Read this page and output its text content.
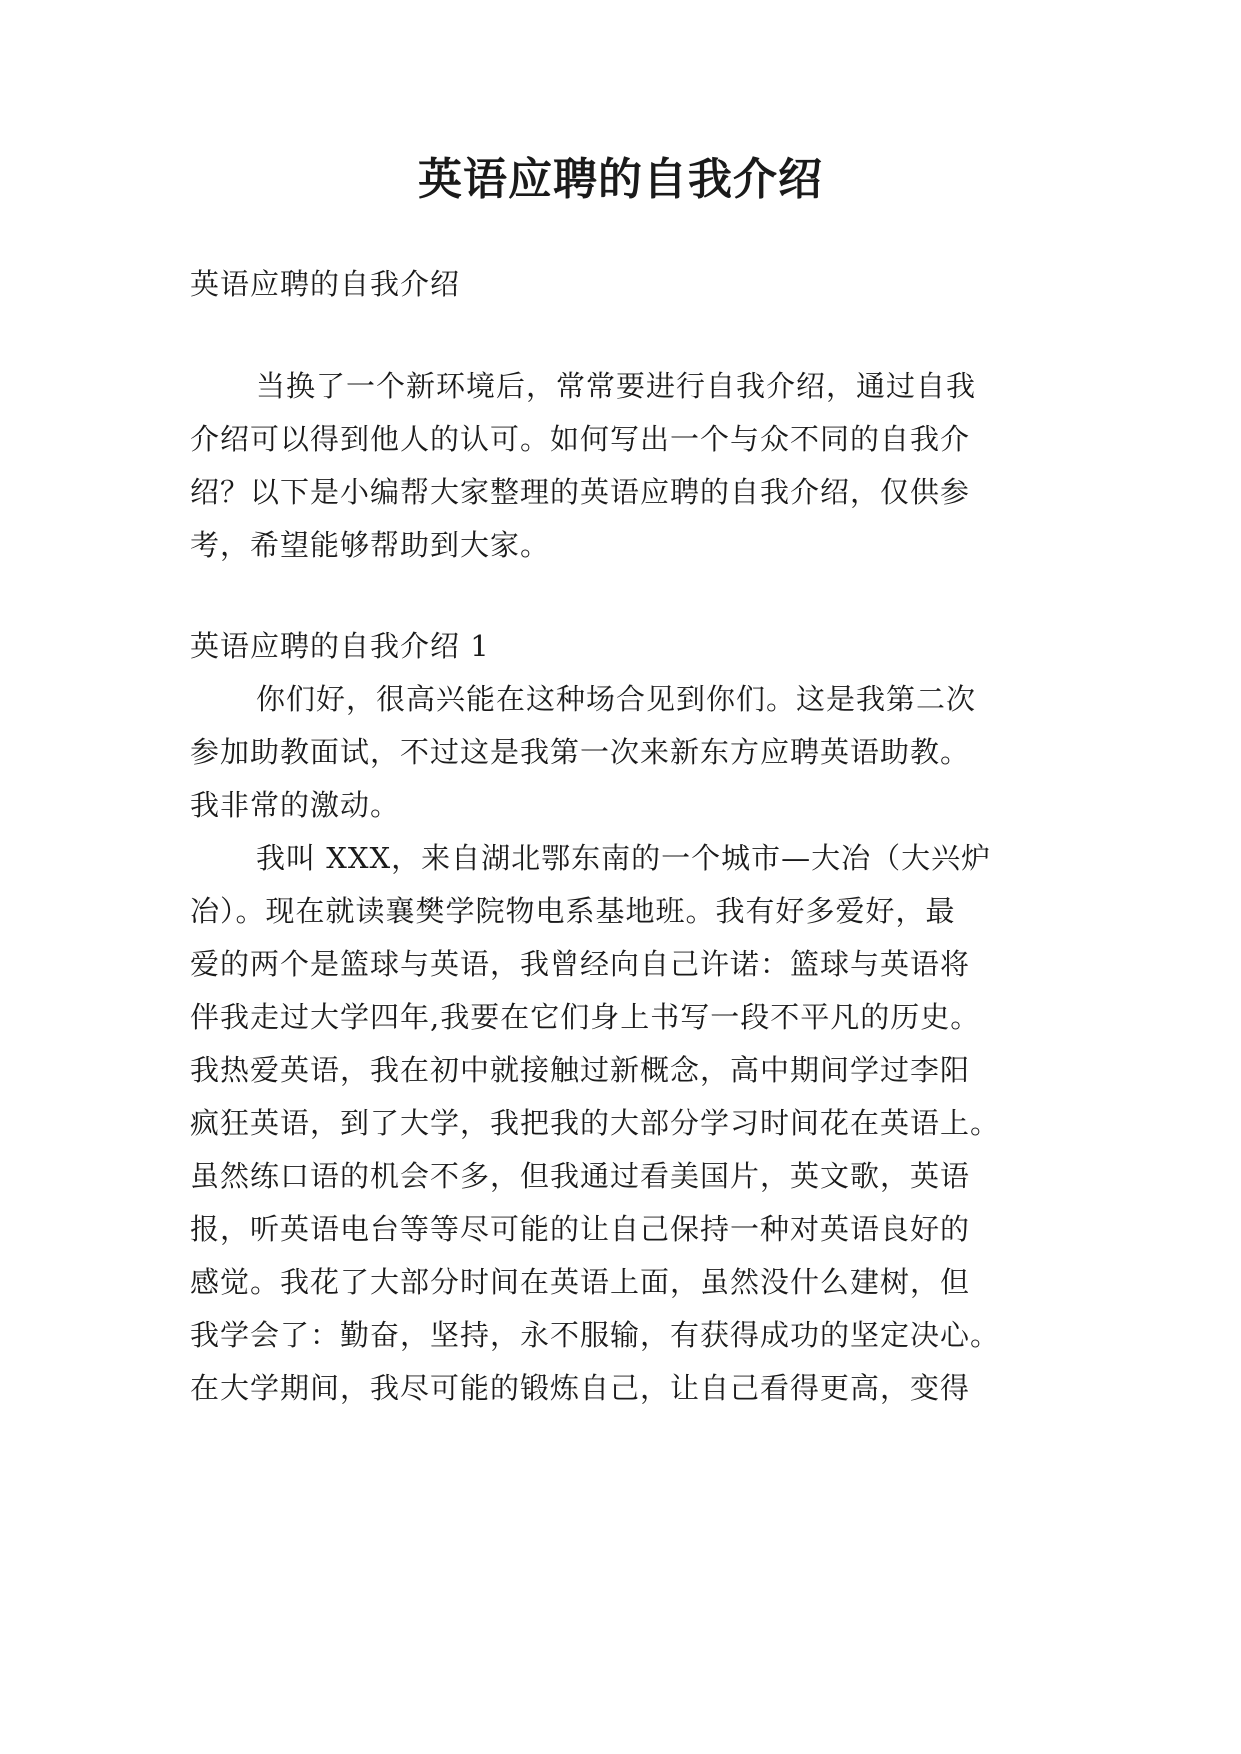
英语应聘的自我介绍
英语应聘的自我介绍
当换了一个新环境后，常常要进行自我介绍，通过自我
介绍可以得到他人的认可。如何写出一个与众不同的自我介
绍？以下是小编帮大家整理的英语应聘的自我介绍，仅供参
考，希望能够帮助到大家。
英语应聘的自我介绍 1
你们好，很高兴能在这种场合见到你们。这是我第二次
参加助教面试，不过这是我第一次来新东方应聘英语助教。
我非常的激动。
我叫 XXX，来自湖北鄂东南的一个城市—大冶（大兴炉
冶）。现在就读襄樊学院物电系基地班。我有好多爱好，最
爱的两个是篮球与英语，我曾经向自己许诺：篮球与英语将
伴我走过大学四年,我要在它们身上书写一段不平凡的历史。
我热爱英语，我在初中就接触过新概念，高中期间学过李阳
疯狂英语，到了大学，我把我的大部分学习时间花在英语上。
虽然练口语的机会不多，但我通过看美国片，英文歌，英语
报，听英语电台等等尽可能的让自己保持一种对英语良好的
感觉。我花了大部分时间在英语上面，虽然没什么建树，但
我学会了：勤奋，坚持，永不服输，有获得成功的坚定决心。
在大学期间，我尽可能的锻炼自己，让自己看得更高，变得
